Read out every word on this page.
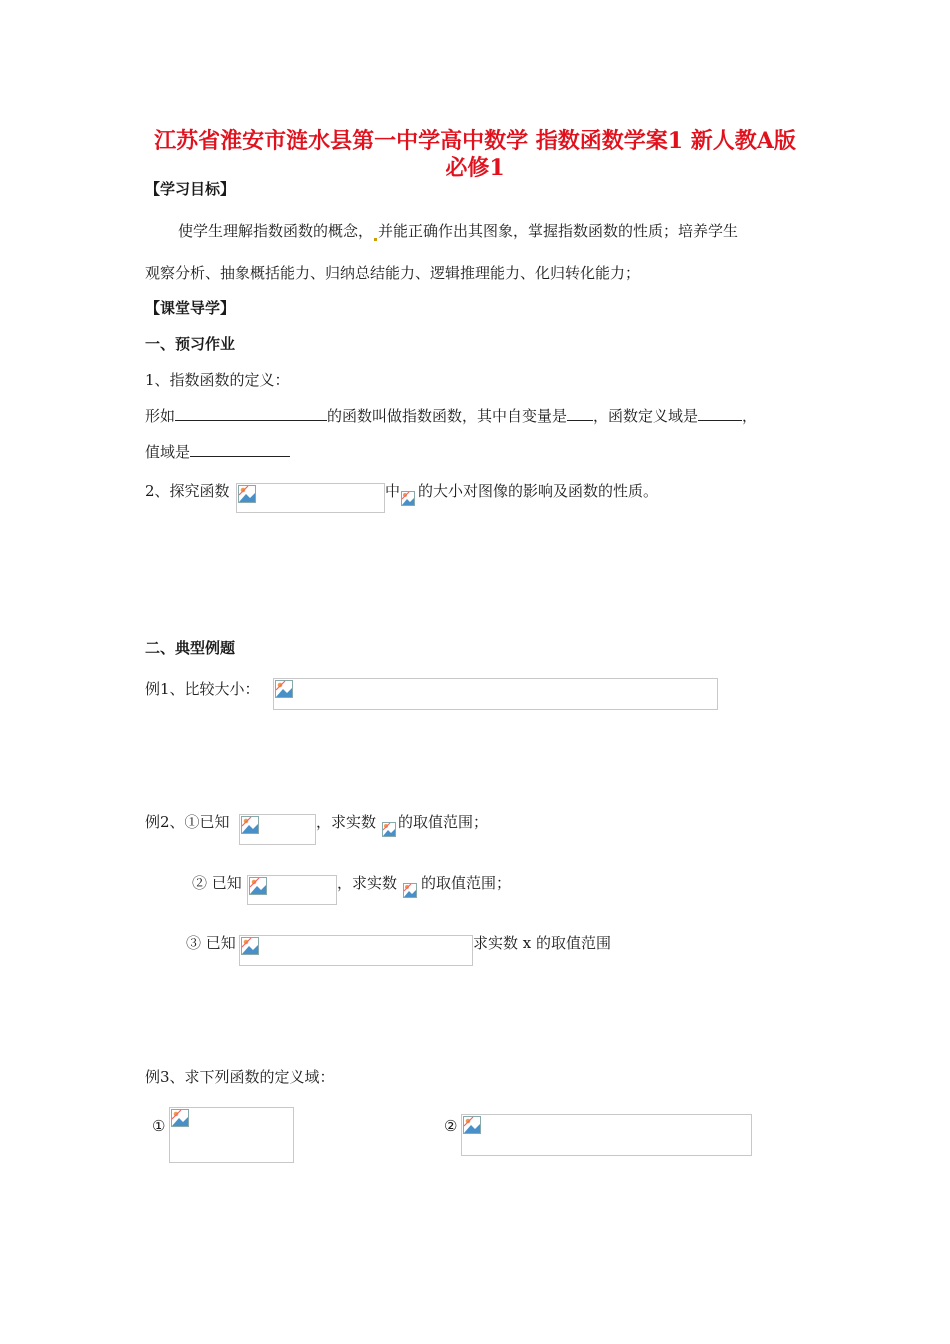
江苏省淮安市涟水县第一中学高中数学 指数函数学案1 新人教A版
必修1
【学习目标】
使学生理解指数函数的概念， 并能正确作出其图象，掌握指数函数的性质；培养学生
观察分析、抽象概括能力、归纳总结能力、逻辑推理能力、化归转化能力；
【课堂导学】
一、预习作业
1、指数函数的定义：
形如	的函数叫做指数函数，其中自变量是 ，函数定义域是	，
值域是
2、探究函数	中 的大小对图像的影响及函数的性质。
二、典型例题
例1、比较大小：
例2、①已知	，求实数 的取值范围；
② 已知	，求实数 的取值范围；
③ 已知	求实数 x 的取值范围
例3、求下列函数的定义域：
①	②
